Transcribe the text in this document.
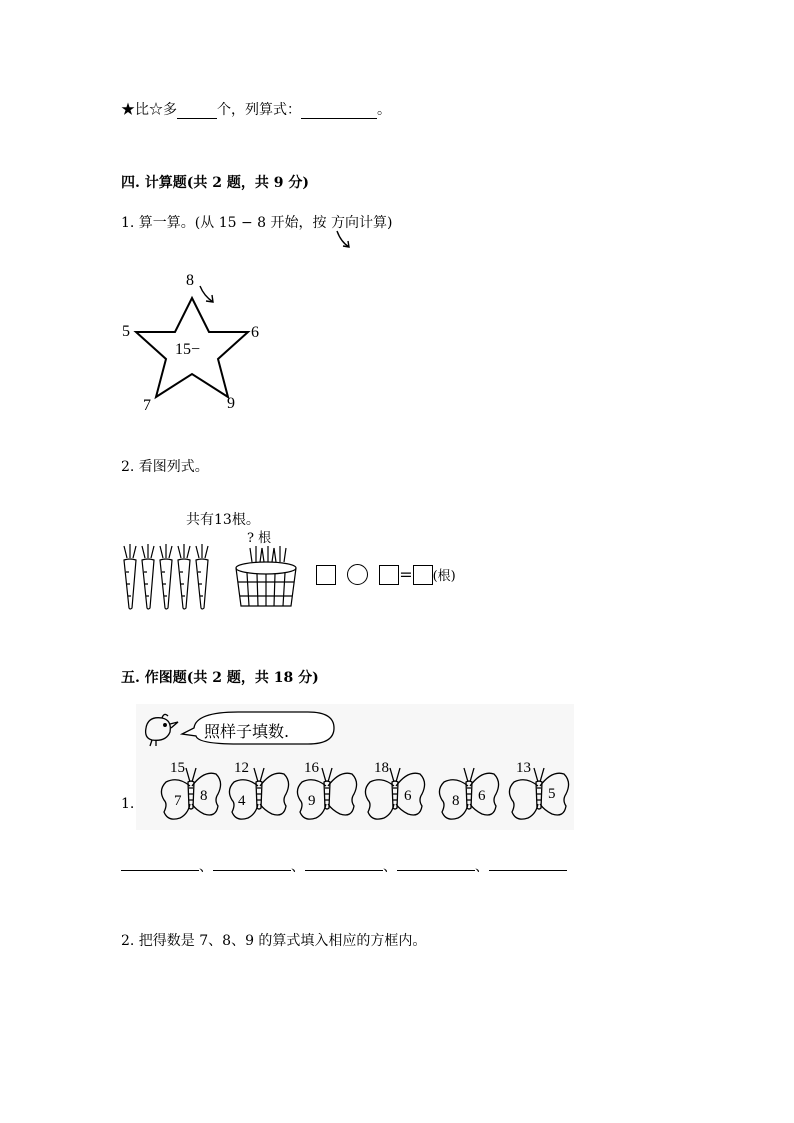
★比☆多	个，列算式：	。
四. 计算题(共 2 题，共 9 分)
1. 算一算。(从 15 − 8 开始，按 方向计算)
15−
8
5	6
7	9
2. 看图列式。
共有13根。
? 根
= (根)
五. 作图题(共 2 题，共 18 分)
照样子填数.
1.
15
7 8
12
4
16
9
18
6	8 6
13
5
、	、	、	、
2. 把得数是 7、8、9 的算式填入相应的方框内。
